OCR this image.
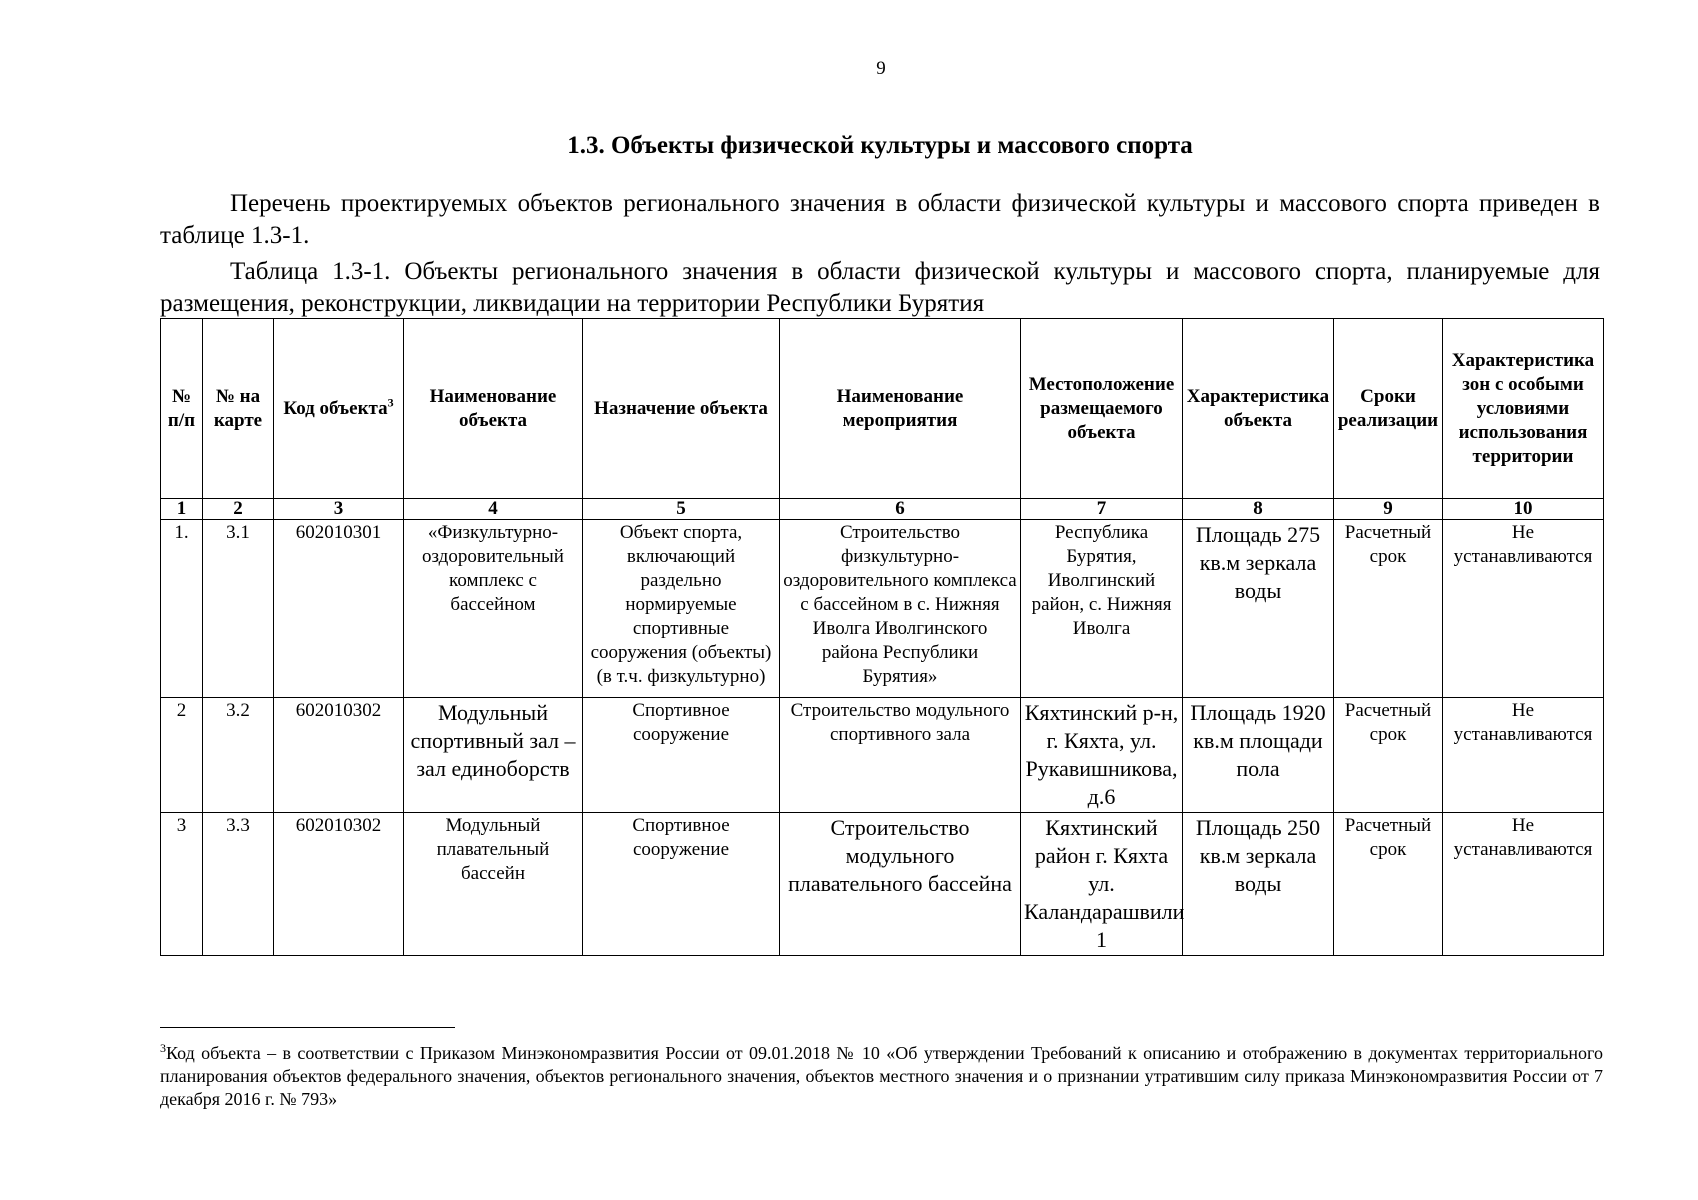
9
1.3. Объекты физической культуры и массового спорта

Перечень проектируемых объектов регионального значения в области физической культуры и массового спорта приведен в таблице 1.3-1.

Таблица 1.3-1. Объекты регионального значения в области физической культуры и массового спорта, планируемые для размещения, реконструкции, ликвидации на территории Республики Бурятия
№ п/п	№ на карте	Код объекта$^3$	Наименование объекта	Назначение объекта	Наименование мероприятия	Местоположение размещаемого объекта	Характеристика объекта	Сроки реализации	Характеристика зон с особыми условиями использования территории
1	2	3	4	5	6	7	8	9	10
1.	3.1	602010301	«Физкультурно-оздоровительный комплекс с бассейном	Объект спорта, включающий раздельно нормируемые спортивные сооружения (объекты) (в т.ч. физкультурно)	Строительство физкультурно-оздоровительного комплекса с бассейном в с. Нижняя Иволга Иволгинского района Республики Бурятия»	Республика Бурятия, Иволгинский район, с. Нижняя Иволга	Площадь 275 кв.м зеркала воды	Расчетный срок	Не устанавливаются
2	3.2	602010302	Модульный спортивный зал – зал единоборств	Спортивное сооружение	Строительство модульного спортивного зала	Кяхтинский р-н, г. Кяхта, ул. Рукавишникова, д.6	Площадь 1920 кв.м площади пола	Расчетный срок	Не устанавливаются
3	3.3	602010302	Модульный плавательный бассейн	Спортивное сооружение	Строительство модульного плавательного бассейна	Кяхтинский район г. Кяхта ул. Каландарашвили 1	Площадь 250 кв.м зеркала воды	Расчетный срок	Не устанавливаются
$^3$Код объекта – в соответствии с Приказом Минэкономразвития России от 09.01.2018 № 10 «Об утверждении Требований к описанию и отображению в документах территориального планирования объектов федерального значения, объектов регионального значения, объектов местного значения и о признании утратившим силу приказа Минэкономразвития России от 7 декабря 2016 г. № 793»
